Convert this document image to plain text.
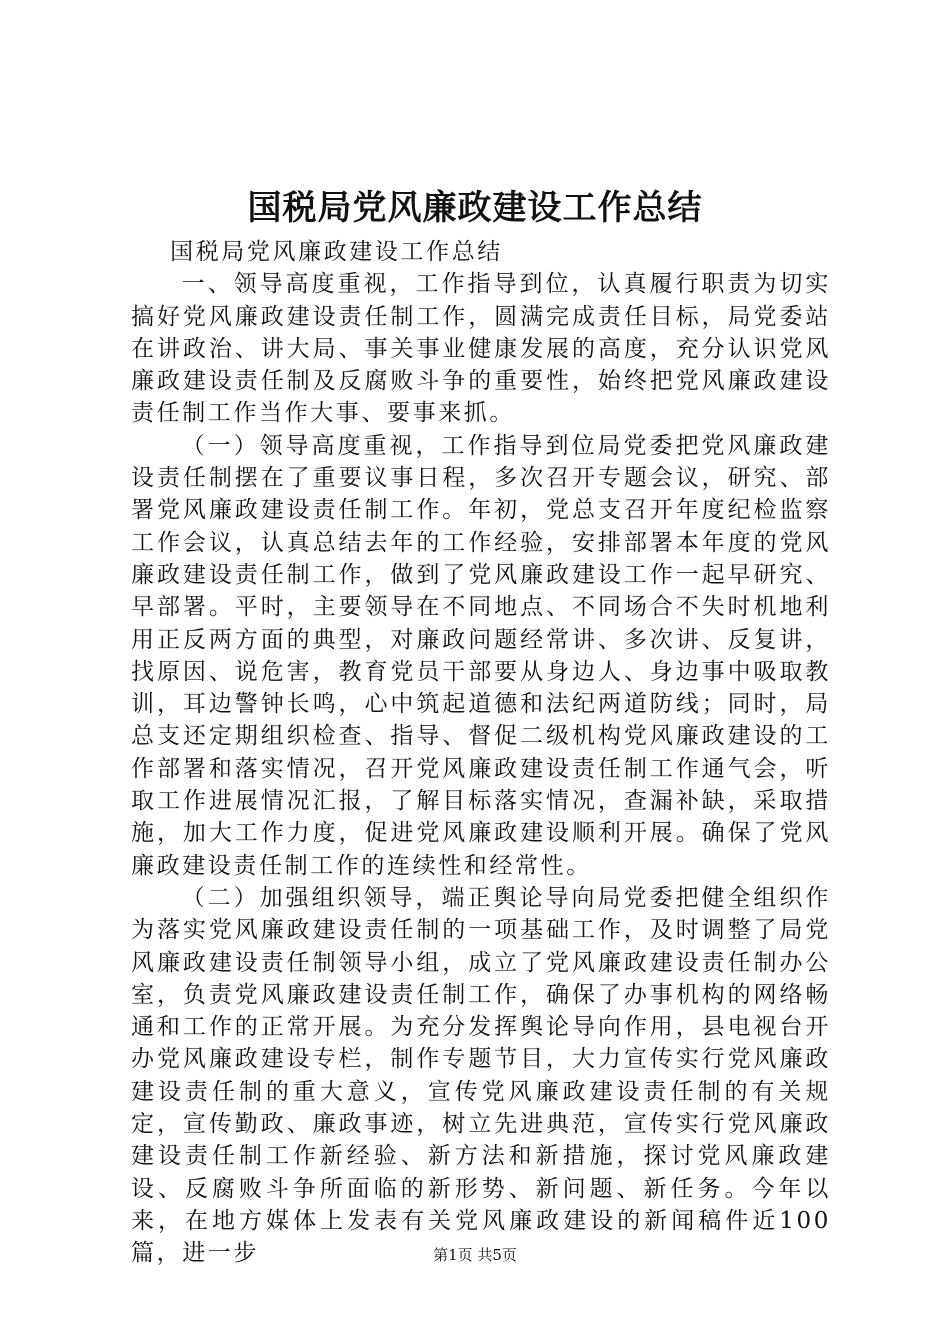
国税局党风廉政建设工作总结

国税局党风廉政建设工作总结

一、领导高度重视，工作指导到位，认真履行职责为切实搞好党风廉政建设责任制工作，圆满完成责任目标，局党委站在讲政治、讲大局、事关事业健康发展的高度，充分认识党风廉政建设责任制及反腐败斗争的重要性，始终把党风廉政建设责任制工作当作大事、要事来抓。

（一）领导高度重视，工作指导到位局党委把党风廉政建设责任制摆在了重要议事日程，多次召开专题会议，研究、部署党风廉政建设责任制工作。年初，党总支召开年度纪检监察工作会议，认真总结去年的工作经验，安排部署本年度的党风廉政建设责任制工作，做到了党风廉政建设工作一起早研究、早部署。平时，主要领导在不同地点、不同场合不失时机地利用正反两方面的典型，对廉政问题经常讲、多次讲、反复讲，找原因、说危害，教育党员干部要从身边人、身边事中吸取教训，耳边警钟长鸣，心中筑起道德和法纪两道防线；同时，局总支还定期组织检查、指导、督促二级机构党风廉政建设的工作部署和落实情况，召开党风廉政建设责任制工作通气会，听取工作进展情况汇报，了解目标落实情况，查漏补缺，采取措施，加大工作力度，促进党风廉政建设顺利开展。确保了党风廉政建设责任制工作的连续性和经常性。

（二）加强组织领导，端正舆论导向局党委把健全组织作为落实党风廉政建设责任制的一项基础工作，及时调整了局党风廉政建设责任制领导小组，成立了党风廉政建设责任制办公室，负责党风廉政建设责任制工作，确保了办事机构的网络畅通和工作的正常开展。为充分发挥舆论导向作用，县电视台开办党风廉政建设专栏，制作专题节目，大力宣传实行党风廉政建设责任制的重大意义，宣传党风廉政建设责任制的有关规定，宣传勤政、廉政事迹，树立先进典范，宣传实行党风廉政建设责任制工作新经验、新方法和新措施，探讨党风廉政建设、反腐败斗争所面临的新形势、新问题、新任务。今年以来，在地方媒体上发表有关党风廉政建设的新闻稿件近100篇，进一步	第1页 共5页
